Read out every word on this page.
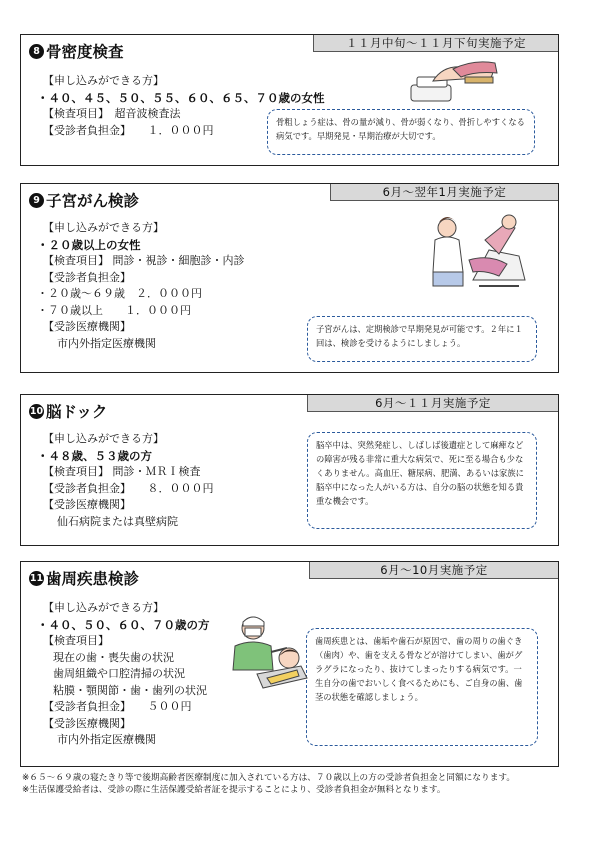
１１月中旬～１１月下旬実施予定
8 骨密度検査
【申し込みができる方】
・４０、４５、５０、５５、６０、６５、７０歳の女性
【検査項目】　超音波検査法
【受診者負担金】　　１．０００円
骨粗しょう症は、骨の量が減り、骨が弱くなり、骨折しやすくなる病気です。早期発見・早期治療が大切です。
6月～翌年1月実施予定
9 子宮がん検診
【申し込みができる方】
・２０歳以上の女性
【検査項目】 問診・視診・細胞診・内診
【受診者負担金】
・２０歳～６９歳　２．０００円
・７０歳以上　　１．０００円
【受診医療機関】
市内外指定医療機関
子宮がんは、定期検診で早期発見が可能です。２年に１回は、検診を受けるようにしましょう。
6月～１１月実施予定
10 脳ドック
【申し込みができる方】
・４８歳、５３歳の方
【検査項目】 問診・ＭＲＩ検査
【受診者負担金】　　８．０００円
【受診医療機関】
仙石病院または真壁病院
脳卒中は、突然発症し、しばしば後遺症として麻痺などの障害が残る非常に重大な病気で、死に至る場合も少なくありません。高血圧、糖尿病、肥満、あるいは家族に脳卒中になった人がいる方は、自分の脳の状態を知る貴重な機会です。
6月～10月実施予定
11 歯周疾患検診
【申し込みができる方】
・４０、５０、６０、７０歳の方
【検査項目】
現在の歯・喪失歯の状況
歯周組織や口腔清掃の状況
粘膜・顎関節・歯・歯列の状況
【受診者負担金】　　５００円
【受診医療機関】
市内外指定医療機関
歯周疾患とは、歯垢や歯石が原因で、歯の周りの歯ぐき（歯肉）や、歯を支える骨などが溶けてしまい、歯がグラグラになったり、抜けてしまったりする病気です。一生自分の歯でおいしく食べるためにも、ご自身の歯、歯茎の状態を確認しましょう。
※６５～６９歳の寝たきり等で後期高齢者医療制度に加入されている方は、７０歳以上の方の受診者負担金と同額になります。
※生活保護受給者は、受診の際に生活保護受給者証を提示することにより、受診者負担金が無料となります。
